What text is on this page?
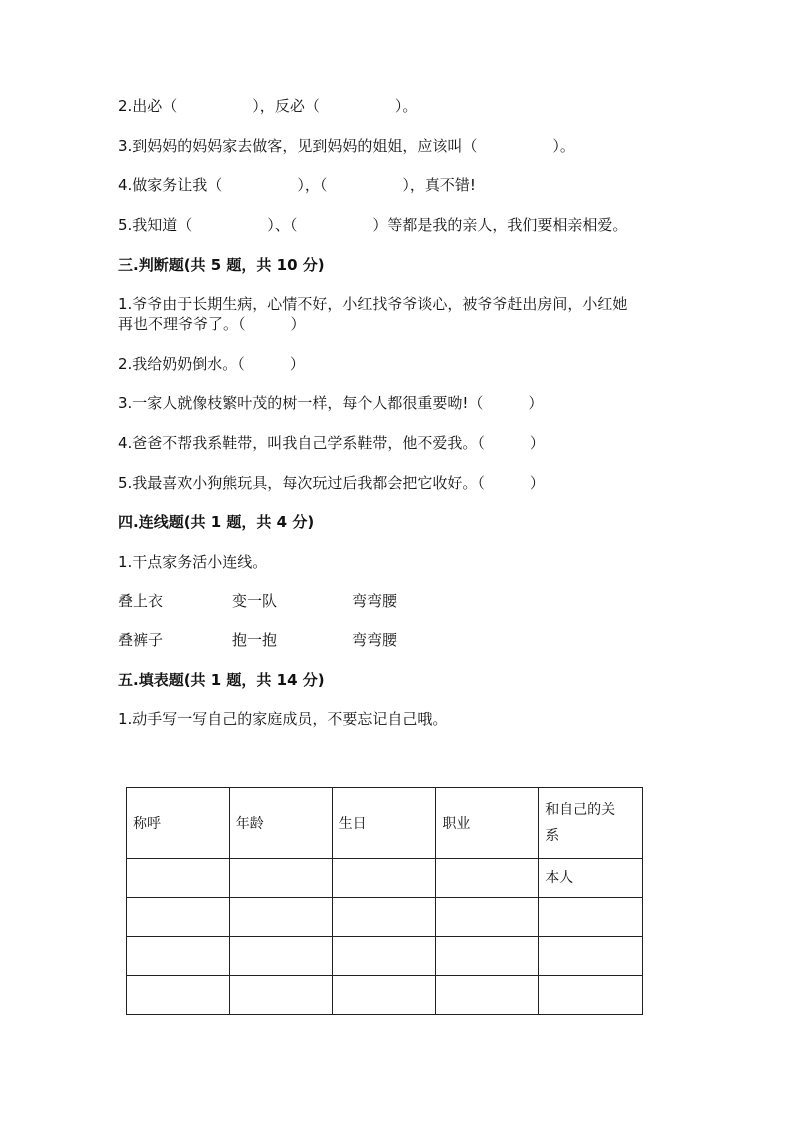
2.出必（　　　　　），反必（　　　　　）。
3.到妈妈的妈妈家去做客，见到妈妈的姐姐，应该叫（　　　　　）。
4.做家务让我（　　　　　），（　　　　　），真不错!
5.我知道（　　　　　）、（　　　　　）等都是我的亲人，我们要相亲相爱。
三.判断题(共 5 题，共 10 分)
1.爷爷由于长期生病，心情不好，小红找爷爷谈心，被爷爷赶出房间，小红她
再也不理爷爷了。（　　　）
2.我给奶奶倒水。（　　　）
3.一家人就像枝繁叶茂的树一样，每个人都很重要呦!（　　　）
4.爸爸不帮我系鞋带，叫我自己学系鞋带，他不爱我。（　　　）
5.我最喜欢小狗熊玩具，每次玩过后我都会把它收好。（　　　）
四.连线题(共 1 题，共 4 分)
1.干点家务活小连线。
叠上衣	变一队	弯弯腰
叠裤子	抱一抱	弯弯腰
五.填表题(共 1 题，共 14 分)
1.动手写一写自己的家庭成员，不要忘记自己哦。
称呼	年龄	生日	职业	和自己的关
系
				本人
